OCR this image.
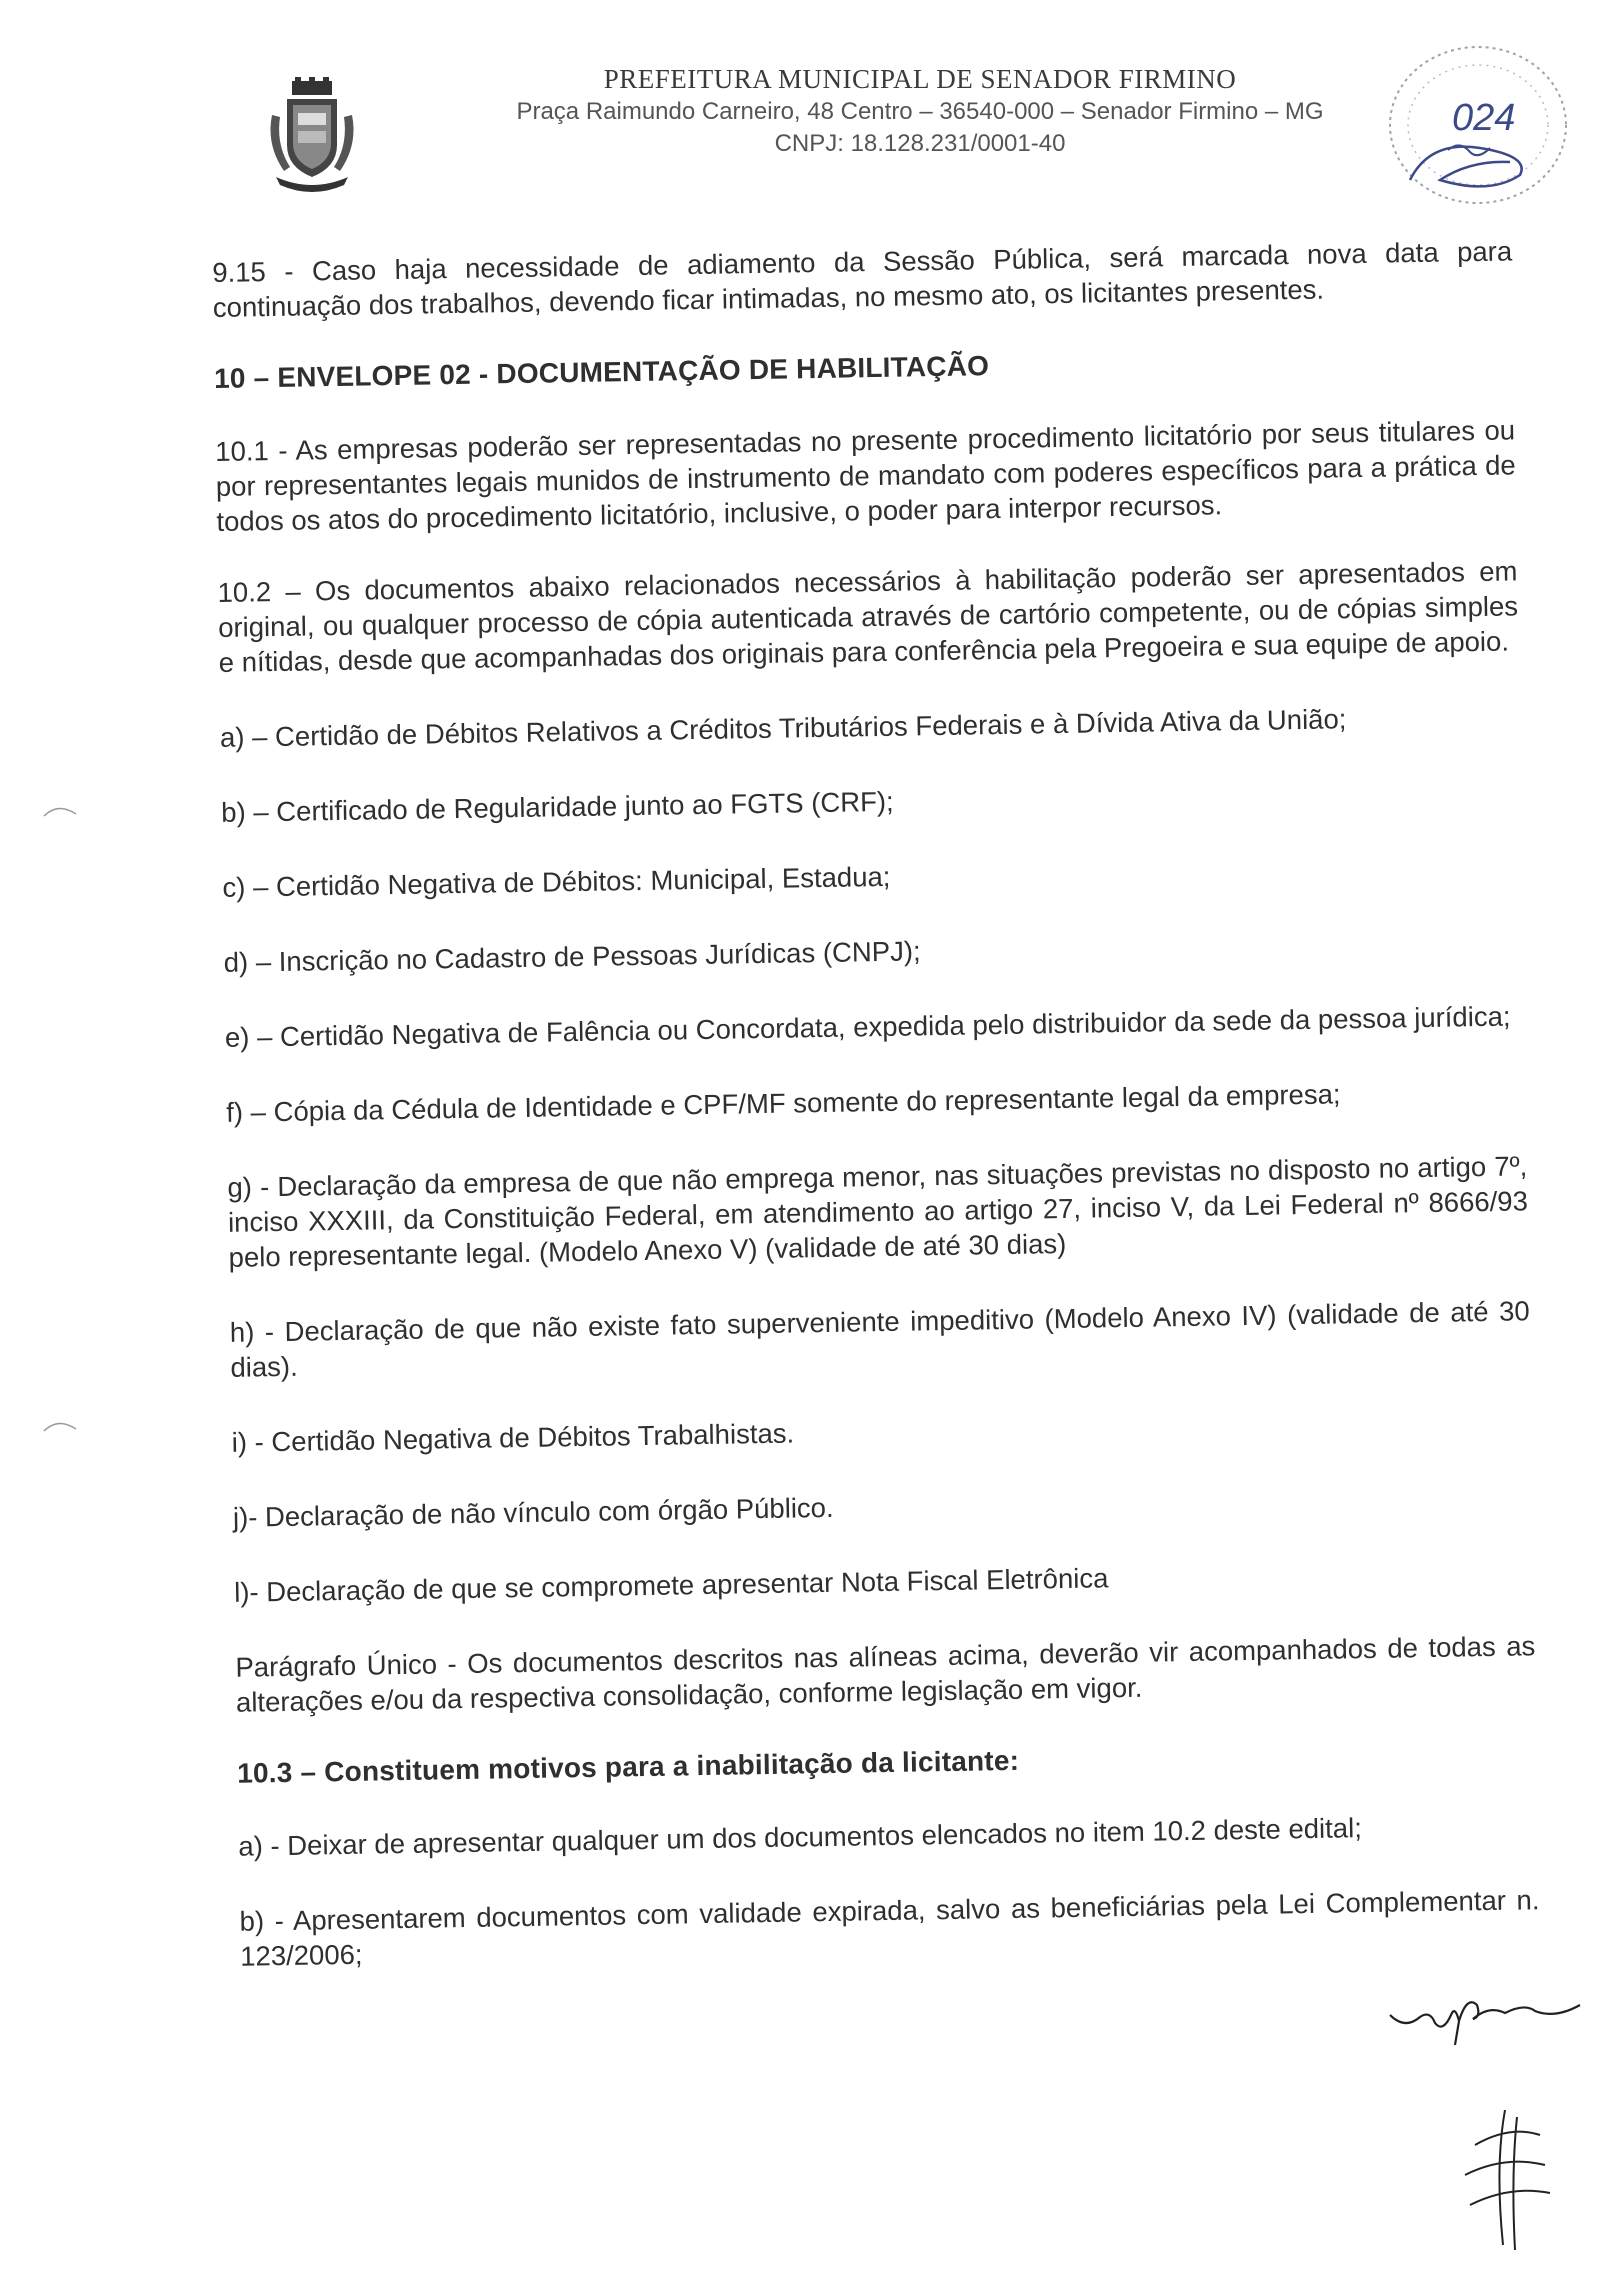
PREFEITURA MUNICIPAL DE SENADOR FIRMINO
Praça Raimundo Carneiro, 48 Centro – 36540-000 – Senador Firmino – MG
CNPJ: 18.128.231/0001-40
024

9.15 - Caso haja necessidade de adiamento da Sessão Pública, será marcada nova data para continuação dos trabalhos, devendo ficar intimadas, no mesmo ato, os licitantes presentes.

10 – ENVELOPE 02 - DOCUMENTAÇÃO DE HABILITAÇÃO

10.1 - As empresas poderão ser representadas no presente procedimento licitatório por seus titulares ou por representantes legais munidos de instrumento de mandato com poderes específicos para a prática de todos os atos do procedimento licitatório, inclusive, o poder para interpor recursos.

10.2 – Os documentos abaixo relacionados necessários à habilitação poderão ser apresentados em original, ou qualquer processo de cópia autenticada através de cartório competente, ou de cópias simples e nítidas, desde que acompanhadas dos originais para conferência pela Pregoeira e sua equipe de apoio.

a) – Certidão de Débitos Relativos a Créditos Tributários Federais e à Dívida Ativa da União;

b) – Certificado de Regularidade junto ao FGTS (CRF);

c) – Certidão Negativa de Débitos: Municipal, Estadua;

d) – Inscrição no Cadastro de Pessoas Jurídicas (CNPJ);

e) – Certidão Negativa de Falência ou Concordata, expedida pelo distribuidor da sede da pessoa jurídica;

f) – Cópia da Cédula de Identidade e CPF/MF somente do representante legal da empresa;

g) - Declaração da empresa de que não emprega menor, nas situações previstas no disposto no artigo 7º, inciso XXXIII, da Constituição Federal, em atendimento ao artigo 27, inciso V, da Lei Federal nº 8666/93 pelo representante legal. (Modelo Anexo V) (validade de até 30 dias)

h) - Declaração de que não existe fato superveniente impeditivo (Modelo Anexo IV) (validade de até 30 dias).

i) - Certidão Negativa de Débitos Trabalhistas.

j)- Declaração de não vínculo com órgão Público.

l)- Declaração de que se compromete apresentar Nota Fiscal Eletrônica

Parágrafo Único - Os documentos descritos nas alíneas acima, deverão vir acompanhados de todas as alterações e/ou da respectiva consolidação, conforme legislação em vigor.

10.3 – Constituem motivos para a inabilitação da licitante:

a) - Deixar de apresentar qualquer um dos documentos elencados no item 10.2 deste edital;

b) - Apresentarem documentos com validade expirada, salvo as beneficiárias pela Lei Complementar n. 123/2006;
